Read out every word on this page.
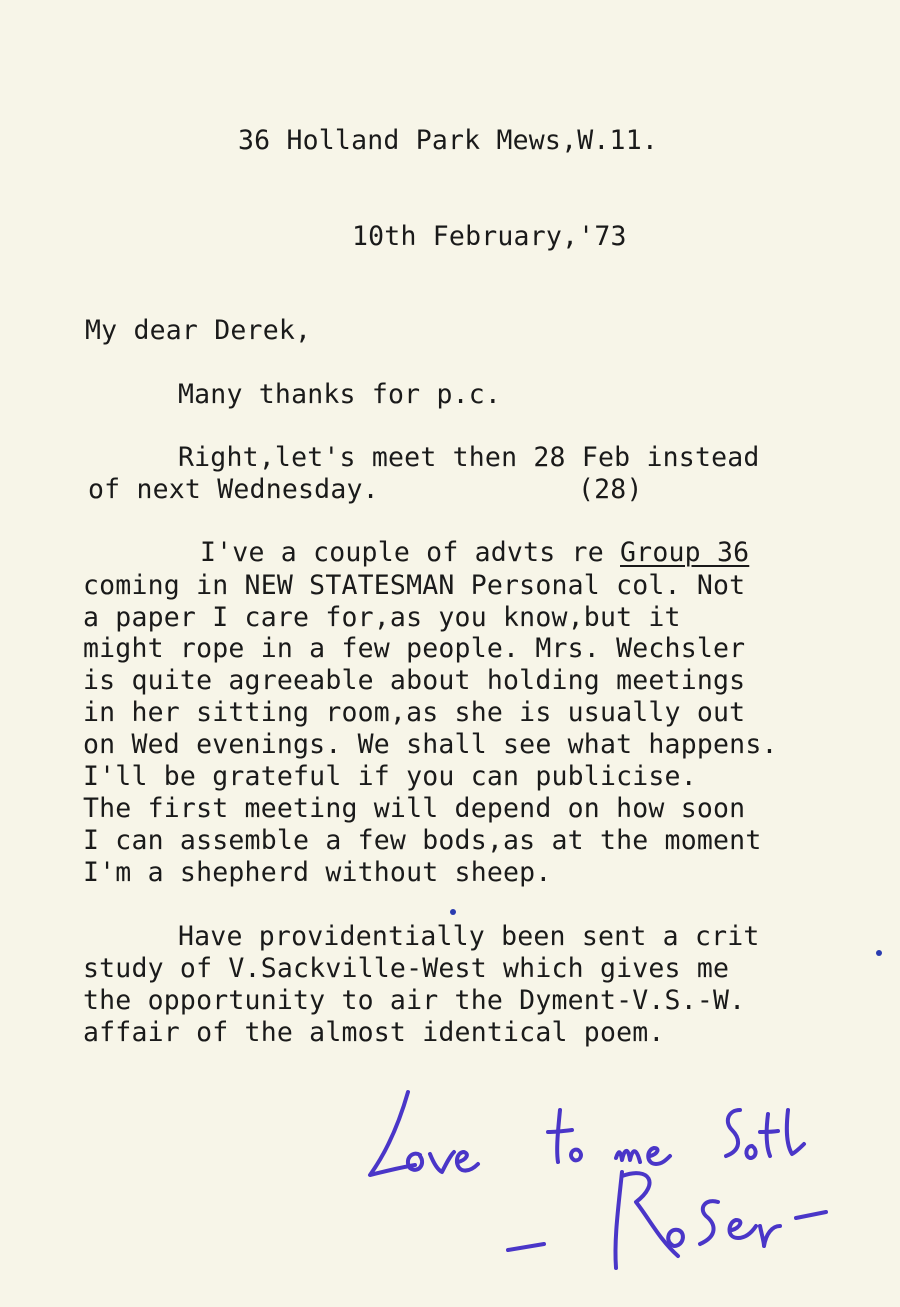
36 Holland Park Mews,W.11.
10th February,'73
My dear Derek,
Many thanks for p.c.
Right,let's meet then 28 Feb instead
of next Wednesday.	(28)
I've a couple of advts re Group 36
coming in NEW STATESMAN Personal col. Not
a paper I care for,as you know,but it
might rope in a few people. Mrs. Wechsler
is quite agreeable about holding meetings
in her sitting room,as she is usually out
on Wed evenings. We shall see what happens.
I'll be grateful if you can publicise.
The first meeting will depend on how soon
I can assemble a few bods,as at the moment
I'm a shepherd without sheep.
Have providentially been sent a crit
study of V.Sackville-West which gives me
the opportunity to air the Dyment-V.S.-W.
affair of the almost identical poem.
